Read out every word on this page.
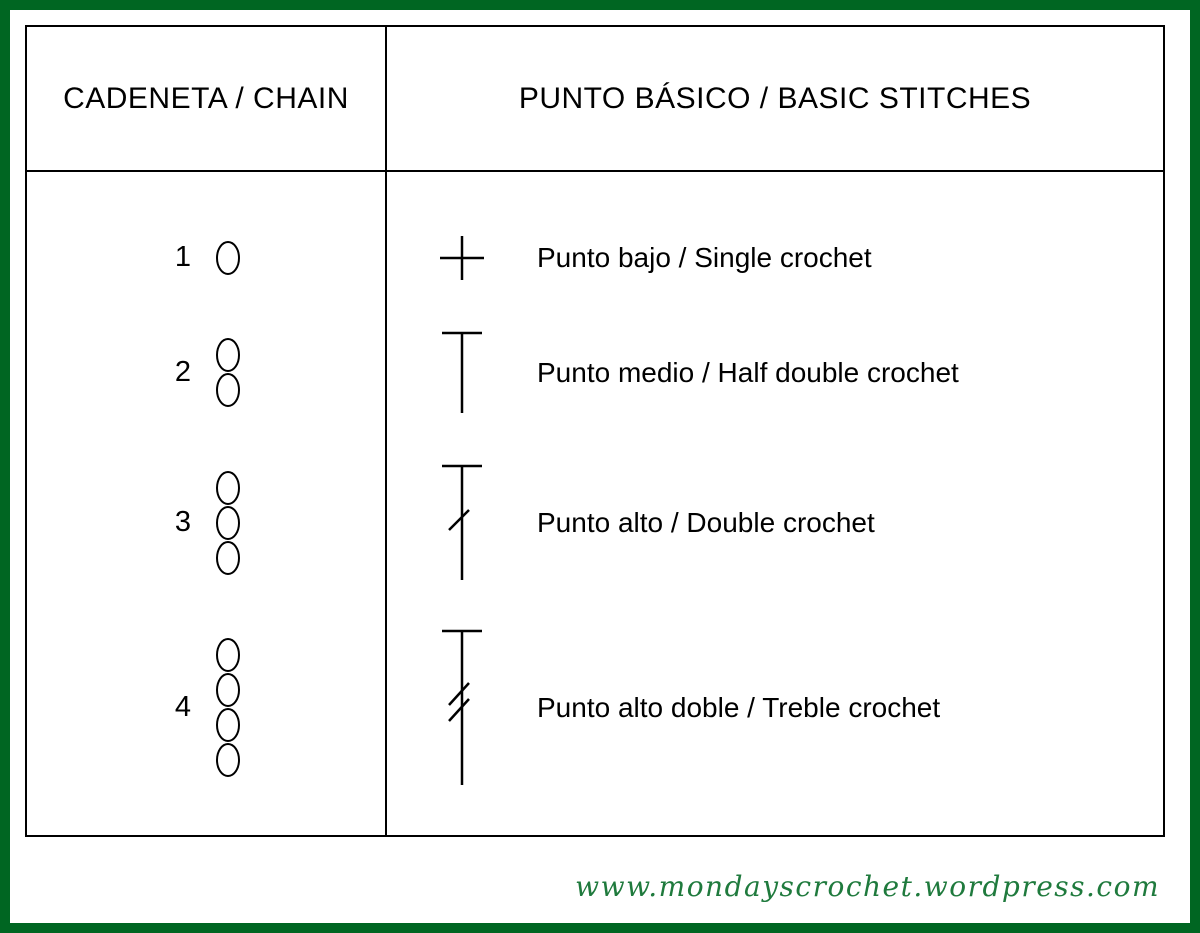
CADENETA / CHAIN	PUNTO BÁSICO / BASIC STITCHES
1
2
3
4
Punto bajo / Single crochet
Punto medio / Half double crochet
Punto alto / Double crochet
Punto alto doble / Treble crochet
www.mondayscrochet.wordpress.com
